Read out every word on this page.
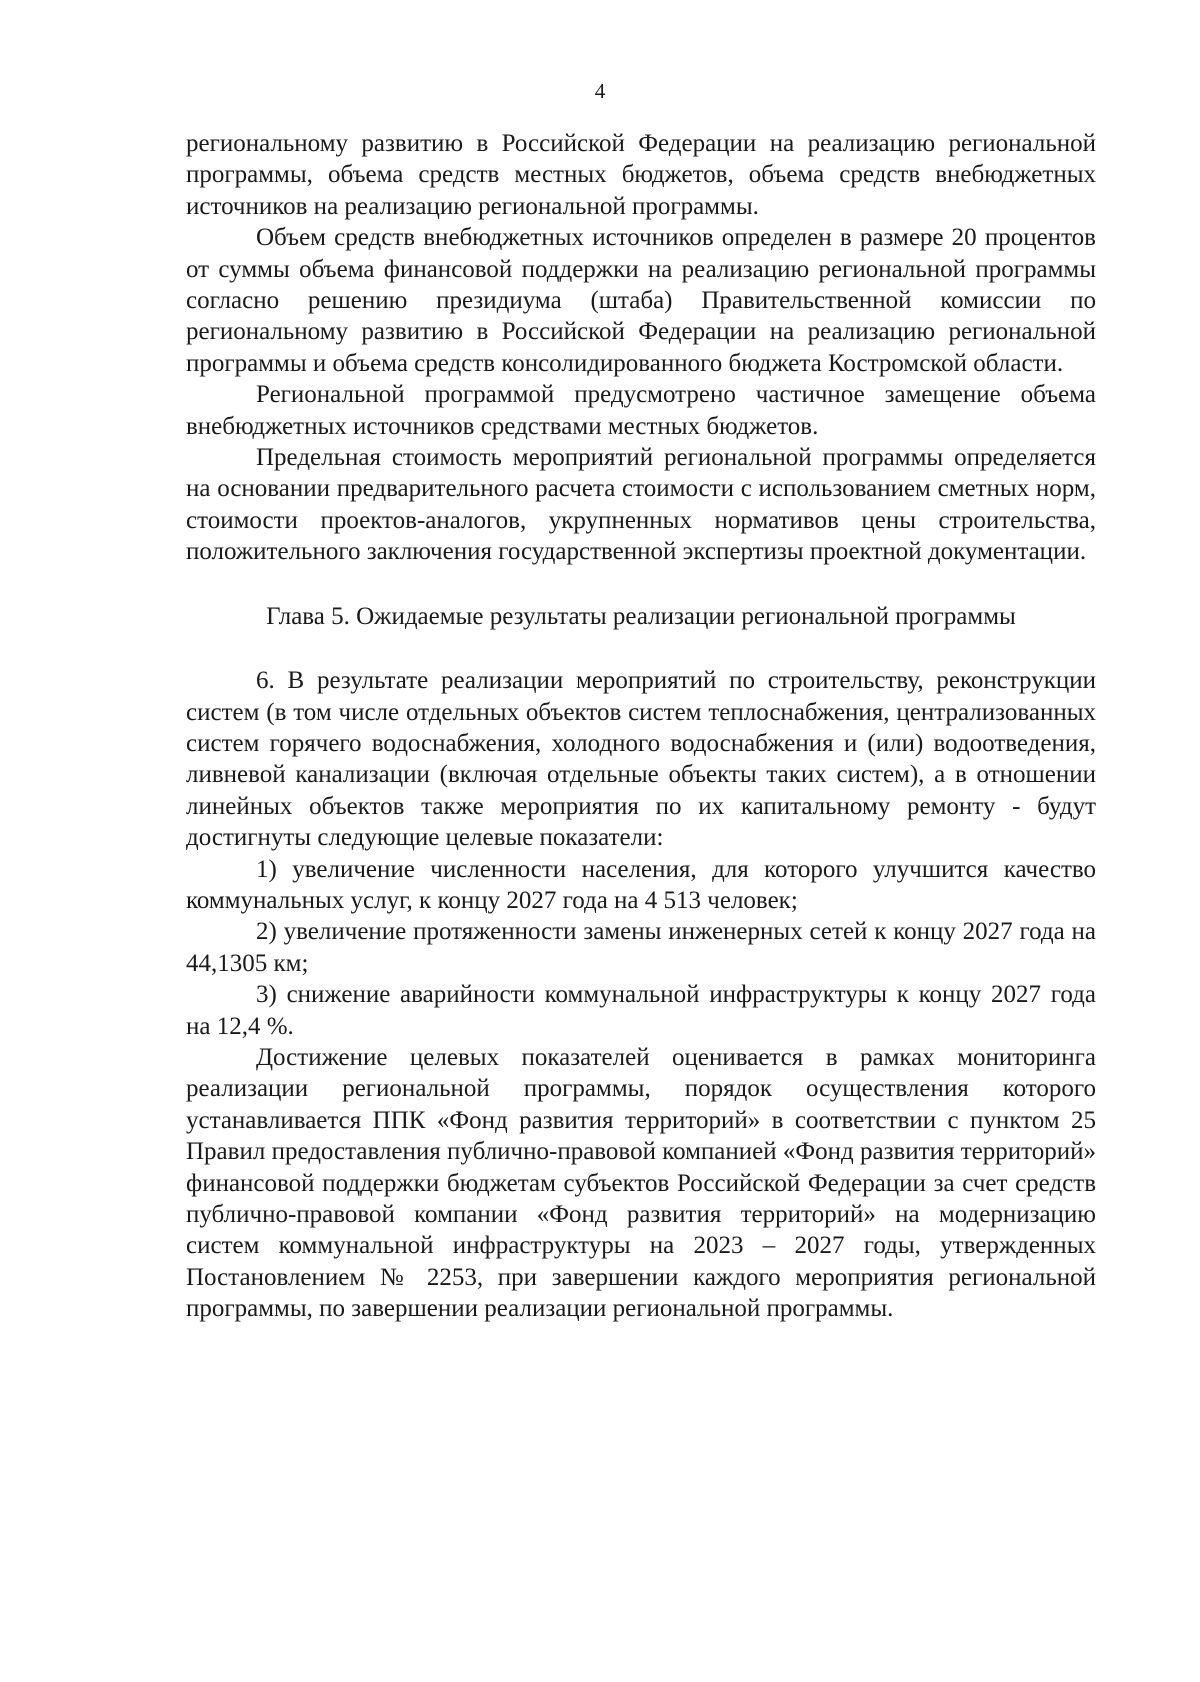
4

региональному развитию в Российской Федерации на реализацию региональной программы, объема средств местных бюджетов, объема средств внебюджетных источников на реализацию региональной программы.

Объем средств внебюджетных источников определен в размере 20 процентов от суммы объема финансовой поддержки на реализацию региональной программы согласно решению президиума (штаба) Правительственной комиссии по региональному развитию в Российской Федерации на реализацию региональной программы и объема средств консолидированного бюджета Костромской области.

Региональной программой предусмотрено частичное замещение объема внебюджетных источников средствами местных бюджетов.

Предельная стоимость мероприятий региональной программы определяется на основании предварительного расчета стоимости с использованием сметных норм, стоимости проектов-аналогов, укрупненных нормативов цены строительства, положительного заключения государственной экспертизы проектной документации.

Глава 5. Ожидаемые результаты реализации региональной программы

6. В результате реализации мероприятий по строительству, реконструкции систем (в том числе отдельных объектов систем теплоснабжения, централизованных систем горячего водоснабжения, холодного водоснабжения и (или) водоотведения, ливневой канализации (включая отдельные объекты таких систем), а в отношении линейных объектов также мероприятия по их капитальному ремонту - будут достигнуты следующие целевые показатели:

1) увеличение численности населения, для которого улучшится качество коммунальных услуг, к концу 2027 года на 4 513 человек;

2) увеличение протяженности замены инженерных сетей к концу 2027 года на 44,1305 км;

3) снижение аварийности коммунальной инфраструктуры к концу 2027 года на 12,4 %.

Достижение целевых показателей оценивается в рамках мониторинга реализации региональной программы, порядок осуществления которого устанавливается ППК «Фонд развития территорий» в соответствии с пунктом 25 Правил предоставления публично-правовой компанией «Фонд развития территорий» финансовой поддержки бюджетам субъектов Российской Федерации за счет средств публично-правовой компании «Фонд развития территорий» на модернизацию систем коммунальной инфраструктуры на 2023 – 2027 годы, утвержденных Постановлением № 2253, при завершении каждого мероприятия региональной программы, по завершении реализации региональной программы.
